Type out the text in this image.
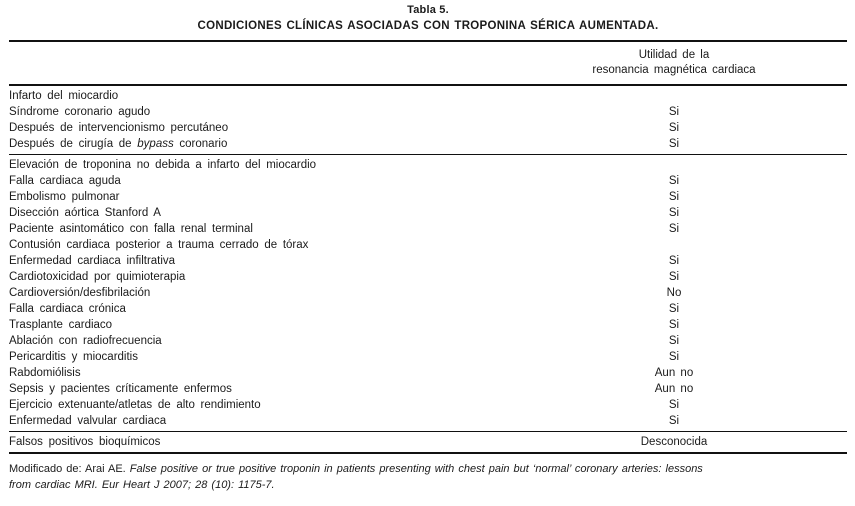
Tabla 5.
CONDICIONES CLÍNICAS ASOCIADAS CON TROPONINA SÉRICA AUMENTADA.
Utilidad de la
resonancia magnética cardiaca
Infarto del miocardio
Síndrome coronario agudo	Si
Después de intervencionismo percutáneo	Si
Después de cirugía de bypass coronario	Si
Elevación de troponina no debida a infarto del miocardio
Falla cardiaca aguda	Si
Embolismo pulmonar	Si
Disección aórtica Stanford A	Si
Paciente asintomático con falla renal terminal	Si
Contusión cardiaca posterior a trauma cerrado de tórax
Enfermedad cardiaca infiltrativa	Si
Cardiotoxicidad por quimioterapia	Si
Cardioversión/desfibrilación	No
Falla cardiaca crónica	Si
Trasplante cardiaco	Si
Ablación con radiofrecuencia	Si
Pericarditis y miocarditis	Si
Rabdomiólisis	Aun no
Sepsis y pacientes críticamente enfermos	Aun no
Ejercicio extenuante/atletas de alto rendimiento	Si
Enfermedad valvular cardiaca	Si
Falsos positivos bioquímicos	Desconocida
Modificado de: Arai AE. False positive or true positive troponin in patients presenting with chest pain but ‘normal’ coronary arteries: lessons
from cardiac MRI. Eur Heart J 2007; 28 (10): 1175-7.
